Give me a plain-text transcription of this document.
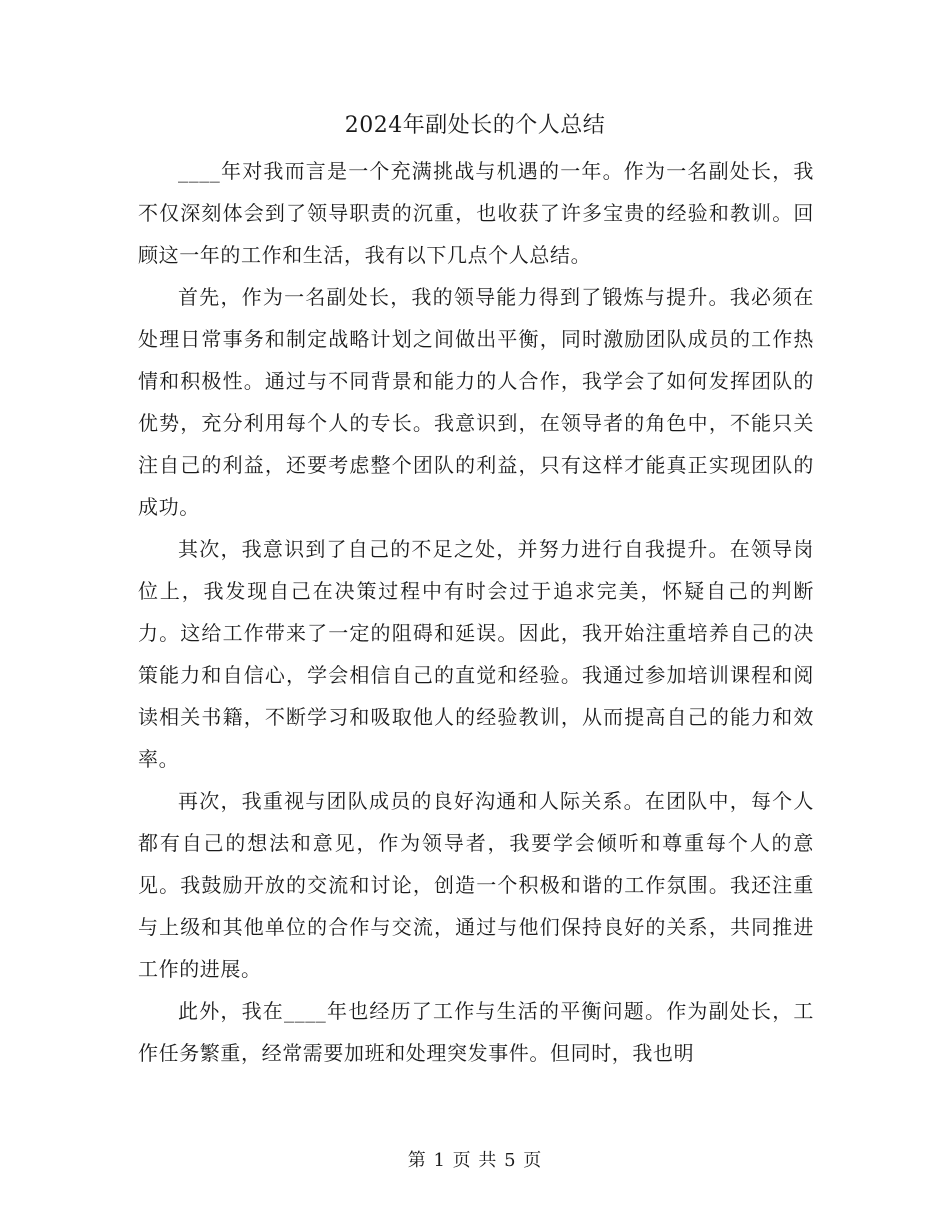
2024年副处长的个人总结

____年对我而言是一个充满挑战与机遇的一年。作为一名副处长，我不仅深刻体会到了领导职责的沉重，也收获了许多宝贵的经验和教训。回顾这一年的工作和生活，我有以下几点个人总结。

首先，作为一名副处长，我的领导能力得到了锻炼与提升。我必须在处理日常事务和制定战略计划之间做出平衡，同时激励团队成员的工作热情和积极性。通过与不同背景和能力的人合作，我学会了如何发挥团队的优势，充分利用每个人的专长。我意识到，在领导者的角色中，不能只关注自己的利益，还要考虑整个团队的利益，只有这样才能真正实现团队的成功。

其次，我意识到了自己的不足之处，并努力进行自我提升。在领导岗位上，我发现自己在决策过程中有时会过于追求完美，怀疑自己的判断力。这给工作带来了一定的阻碍和延误。因此，我开始注重培养自己的决策能力和自信心，学会相信自己的直觉和经验。我通过参加培训课程和阅读相关书籍，不断学习和吸取他人的经验教训，从而提高自己的能力和效率。

再次，我重视与团队成员的良好沟通和人际关系。在团队中，每个人都有自己的想法和意见，作为领导者，我要学会倾听和尊重每个人的意见。我鼓励开放的交流和讨论，创造一个积极和谐的工作氛围。我还注重与上级和其他单位的合作与交流，通过与他们保持良好的关系，共同推进工作的进展。

此外，我在____年也经历了工作与生活的平衡问题。作为副处长，工作任务繁重，经常需要加班和处理突发事件。但同时，我也明

第 1 页 共 5 页
